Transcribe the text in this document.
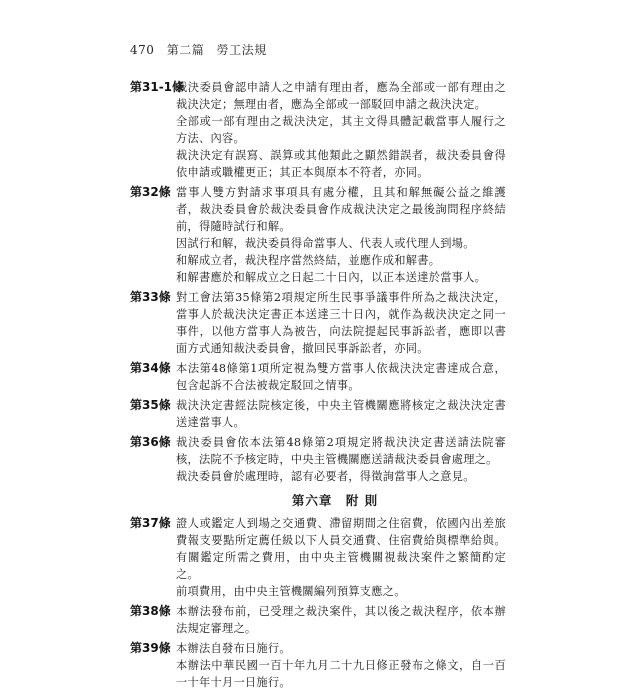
470 第二篇 勞工法規
第31-1條
裁決委員會認申請人之申請有理由者，應為全部或一部有理由之裁決決定；無理由者，應為全部或一部駁回申請之裁決決定。
全部或一部有理由之裁決決定，其主文得具體記載當事人履行之方法、內容。
裁決決定有誤寫、誤算或其他類此之顯然錯誤者，裁決委員會得依申請或職權更正；其正本與原本不符者，亦同。
第32條 當事人雙方對請求事項具有處分權，且其和解無礙公益之維護者，裁決委員會於裁決委員會作成裁決決定之最後詢問程序終結前，得隨時試行和解。
因試行和解，裁決委員得命當事人、代表人或代理人到場。
和解成立者，裁決程序當然終結，並應作成和解書。
和解書應於和解成立之日起二十日內，以正本送達於當事人。
第33條 對工會法第35條第2項規定所生民事爭議事件所為之裁決決定，當事人於裁決決定書正本送達三十日內，就作為裁決決定之同一事件，以他方當事人為被告，向法院提起民事訴訟者，應即以書面方式通知裁決委員會，撤回民事訴訟者，亦同。
第34條 本法第48條第1項所定視為雙方當事人依裁決決定書達成合意，包含起訴不合法被裁定駁回之情事。
第35條 裁決決定書經法院核定後，中央主管機關應將核定之裁決決定書送達當事人。
第36條 裁決委員會依本法第48條第2項規定將裁決決定書送請法院審核，法院不予核定時，中央主管機關應送請裁決委員會處理之。
裁決委員會於處理時，認有必要者，得徵詢當事人之意見。
第六章　附 則
第37條 證人或鑑定人到場之交通費、滯留期間之住宿費，依國內出差旅費報支要點所定薦任級以下人員交通費、住宿費給與標準給與。有關鑑定所需之費用，由中央主管機關視裁決案件之繁簡酌定之。
前項費用，由中央主管機關編列預算支應之。
第38條 本辦法發布前，已受理之裁決案件，其以後之裁決程序，依本辦法規定審理之。
第39條 本辦法自發布日施行。
本辦法中華民國一百十年九月二十九日修正發布之條文，自一百一十年十月一日施行。
